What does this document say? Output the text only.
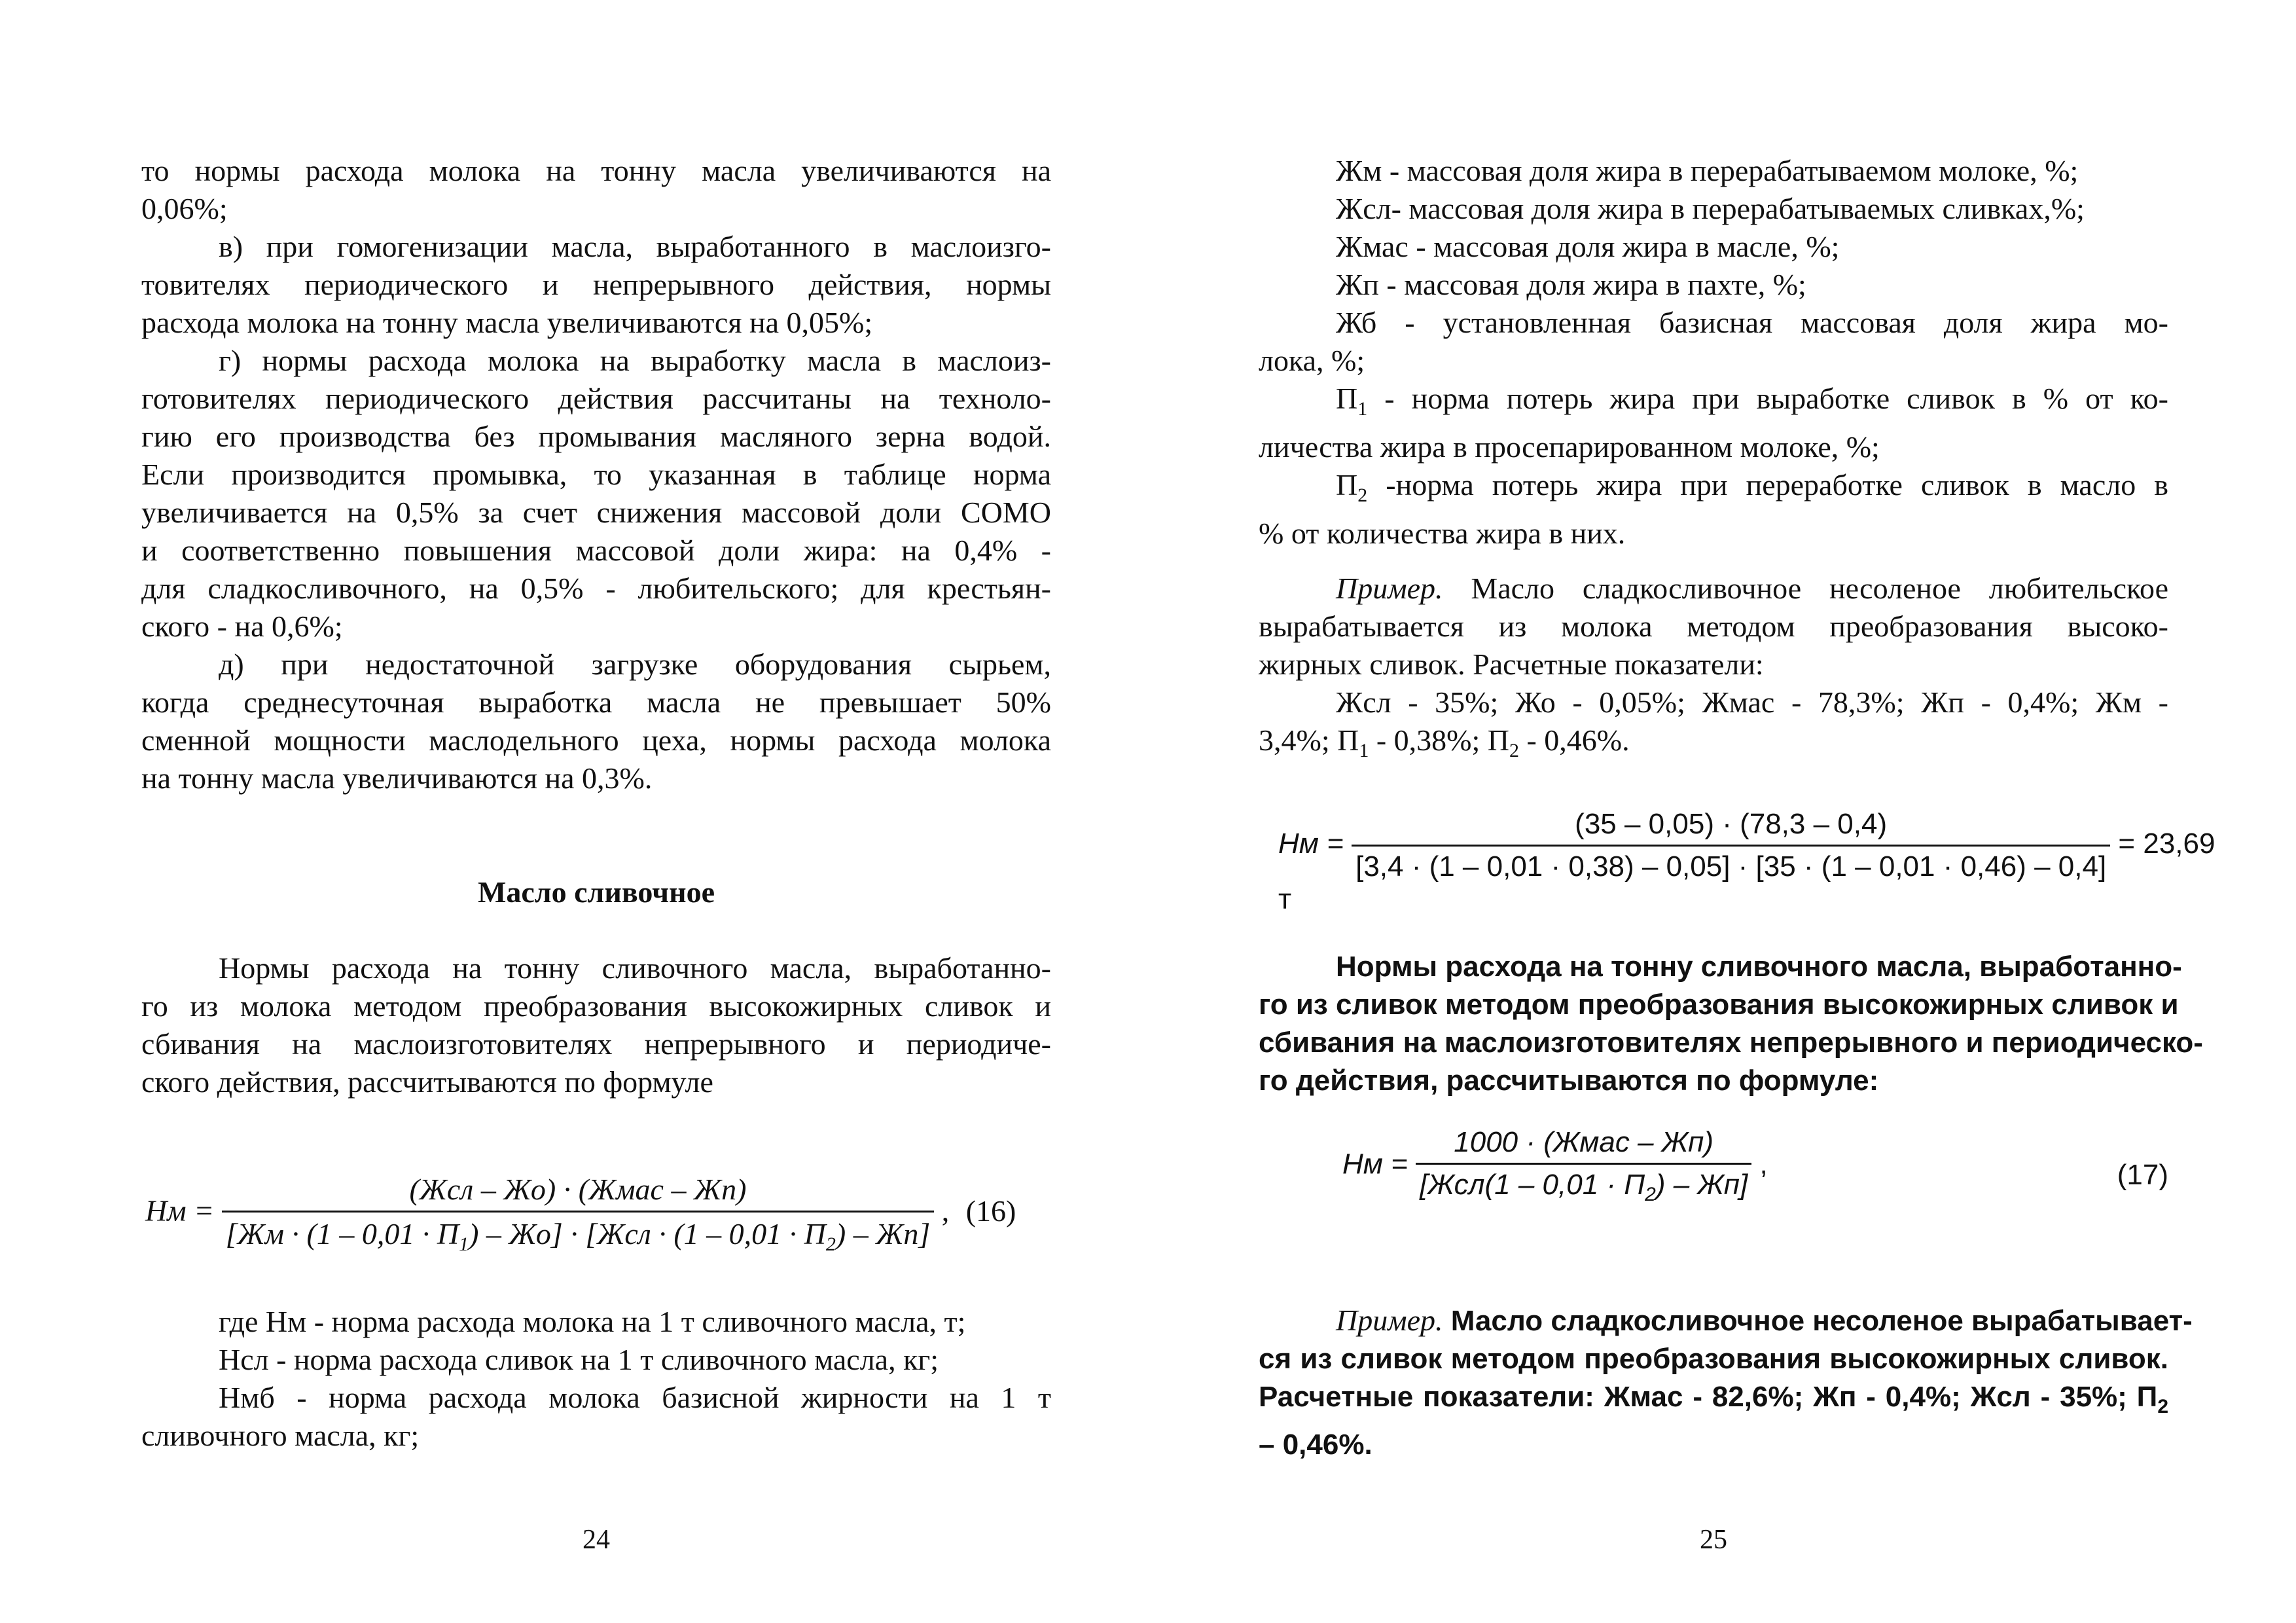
то нормы расхода молока на тонну масла увеличиваются на
0,06%;
в) при гомогенизации масла, выработанного в маслоизго-
товителях периодического и непрерывного действия, нормы
расхода молока на тонну масла увеличиваются на 0,05%;
г) нормы расхода молока на выработку масла в маслоиз-
готовителях периодического действия рассчитаны на техноло-
гию его производства без промывания масляного зерна водой.
Если производится промывка, то указанная в таблице норма
увеличивается на 0,5% за счет снижения массовой доли СОМО
и соответственно повышения массовой доли жира: на 0,4% -
для сладкосливочного, на 0,5% - любительского; для крестьян-
ского - на 0,6%;
д) при недостаточной загрузке оборудования сырьем,
когда среднесуточная выработка масла не превышает 50%
сменной мощности маслодельного цеха, нормы расхода молока
на тонну масла увеличиваются на 0,3%.
Масло сливочное
Нормы расхода на тонну сливочного масла, выработанно-
го из молока методом преобразования высокожирных сливок и
сбивания на маслоизготовителях непрерывного и периодиче-
ского действия, рассчитываются по формуле
Нм = $\frac{\text{(Жсл – Жо) · (Жмас – Жп)}}{[Жм \cdot (1 - 0,01 \cdot П_1) - Жо] \cdot [Жсл \cdot (1 - 0,01 \cdot П_2) - Жп]}$ , (16)
где Нм - норма расхода молока на 1 т сливочного масла, т;
Нсл - норма расхода сливок на 1 т сливочного масла, кг;
Нмб - норма расхода молока базисной жирности на 1 т
сливочного масла, кг;
24
Жм - массовая доля жира в перерабатываемом молоке, %;
Жсл- массовая доля жира в перерабатываемых сливках,%;
Жмас - массовая доля жира в масле, %;
Жп - массовая доля жира в пахте, %;
Жб - установленная базисная массовая доля жира мо-
лока, %;
$П_1$ - норма потерь жира при выработке сливок в % от ко-
личества жира в просепарированном молоке, %;
$П_2$ -норма потерь жира при переработке сливок в масло в
% от количества жира в них.
Пример. Масло сладкосливочное несоленое любительское
вырабатывается из молока методом преобразования высоко-
жирных сливок. Расчетные показатели:
Жсл - 35%; Жо - 0,05%; Жмас - 78,3%; Жп - 0,4%; Жм -
3,4%; $П_1 - 0,38\%$; $П_2 - 0,46\%$.
Нм =
(35 – 0,05) · (78,3 – 0,4)
[3,4 · (1 – 0,01 · 0,38) – 0,05] · [35 · (1 – 0,01 · 0,46) – 0,4]
= 23,69 т
Нормы расхода на тонну сливочного масла, выработанно-
го из сливок методом преобразования высокожирных сливок и
сбивания на маслоизготовителях непрерывного и периодическо-
го действия, рассчитываются по формуле:
Нм = $\frac{\text{1000 · (Жмас – Жп)}}{[Жсл(1 - 0,01 \cdot П_2) - Жп]}$ ,	(17)
Пример. Масло сладкосливочное несоленое вырабатывает-
ся из сливок методом преобразования высокожирных сливок.
Расчетные показатели: Жмас - 82,6%; Жп - 0,4%; Жсл - 35%; $П_2$
– 0,46%.
25
